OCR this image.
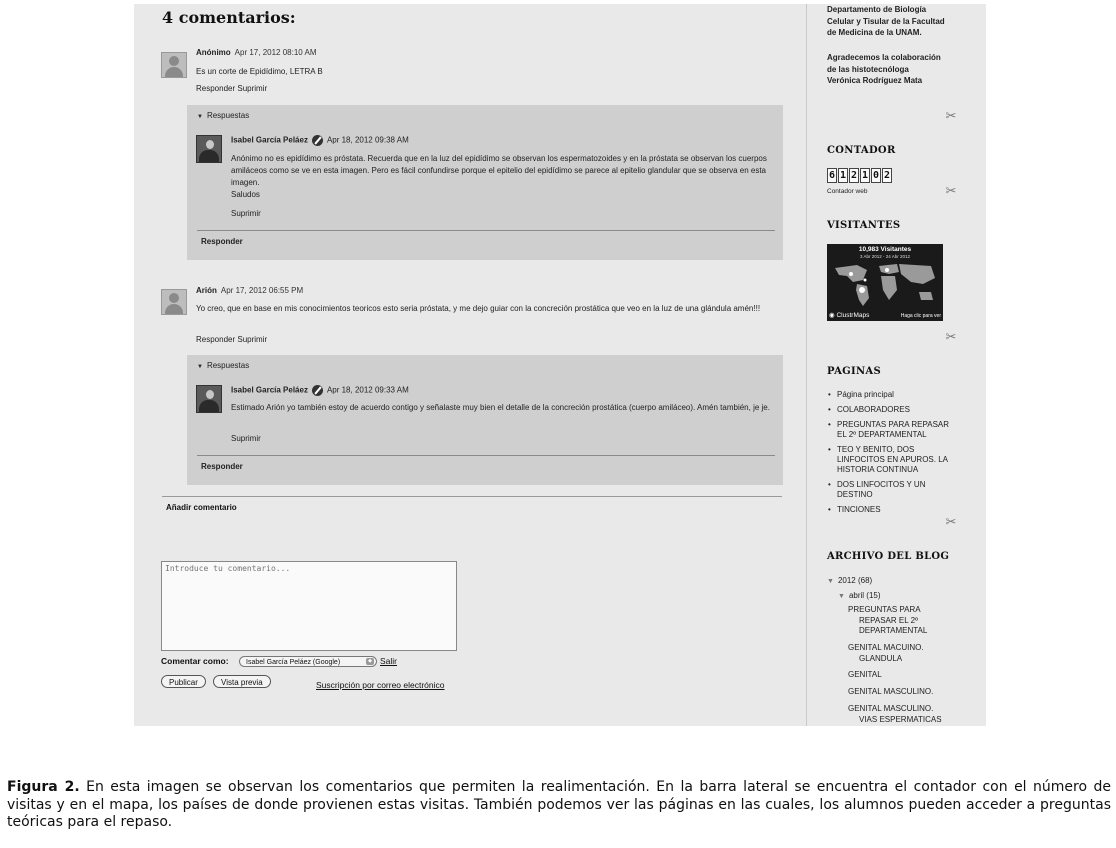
4 comentarios:
Anónimo Apr 17, 2012 08:10 AM
Es un corte de Epidídimo, LETRA B
Responder Suprimir
▼ Respuestas
Isabel García Peláez Apr 18, 2012 09:38 AM
Anónimo no es epidídimo es próstata. Recuerda que en la luz del epidídimo se observan los espermatozoides y en la próstata se observan los cuerpos amiláceos como se ve en esta imagen. Pero es fácil confundirse porque el epitelio del epidídimo se parece al epitelio glandular que se observa en esta imagen.
Saludos
Suprimir
Responder
Arión Apr 17, 2012 06:55 PM
Yo creo, que en base en mis conocimientos teoricos esto seria próstata, y me dejo guiar con la concreción prostática que veo en la luz de una glándula amén!!!
Responder Suprimir
▼ Respuestas
Isabel García Peláez Apr 18, 2012 09:33 AM
Estimado Arión yo también estoy de acuerdo contigo y señalaste muy bien el detalle de la concreción prostática (cuerpo amiláceo). Amén también, je je.
Suprimir
Responder
Añadir comentario
Introduce tu comentario...
Comentar como:	Isabel García Peláez (Google)	◆ Salir
Publicar	Vista previa	Suscripción por correo electrónico
Departamento de Biología
Celular y Tisular de la Facultad
de Medicina de la UNAM.
Agradecemos la colaboración
de las histotecnóloga
Verónica Rodríguez Mata
✂
CONTADOR
6 1 2 1 0 2
Contador web	✂
VISITANTES
10,983 Visitantes
3 Abr 2012 - 24 Abr 2012
◉ ClustrMaps	Haga clic para ver
✂
PAGINAS
• Página principal
• COLABORADORES
• PREGUNTAS PARA REPASAR EL 2º DEPARTAMENTAL
• TEO Y BENITO, DOS LINFOCITOS EN APUROS. LA HISTORIA CONTINUA
• DOS LINFOCITOS Y UN DESTINO
• TINCIONES
✂
ARCHIVO DEL BLOG
▼ 2012 (68)
▼ abril (15)
PREGUNTAS PARA
REPASAR EL 2º
DEPARTAMENTAL
GENITAL MACUINO.
GLANDULA
GENITAL
GENITAL MASCULINO.
GENITAL MASCULINO.
VIAS ESPERMATICAS

Figura 2. En esta imagen se observan los comentarios que permiten la realimentación. En la barra lateral se encuentra el contador con el número de visitas y en el mapa, los países de donde provienen estas visitas. También podemos ver las páginas en las cuales, los alumnos pueden acceder a preguntas teóricas para el repaso.
